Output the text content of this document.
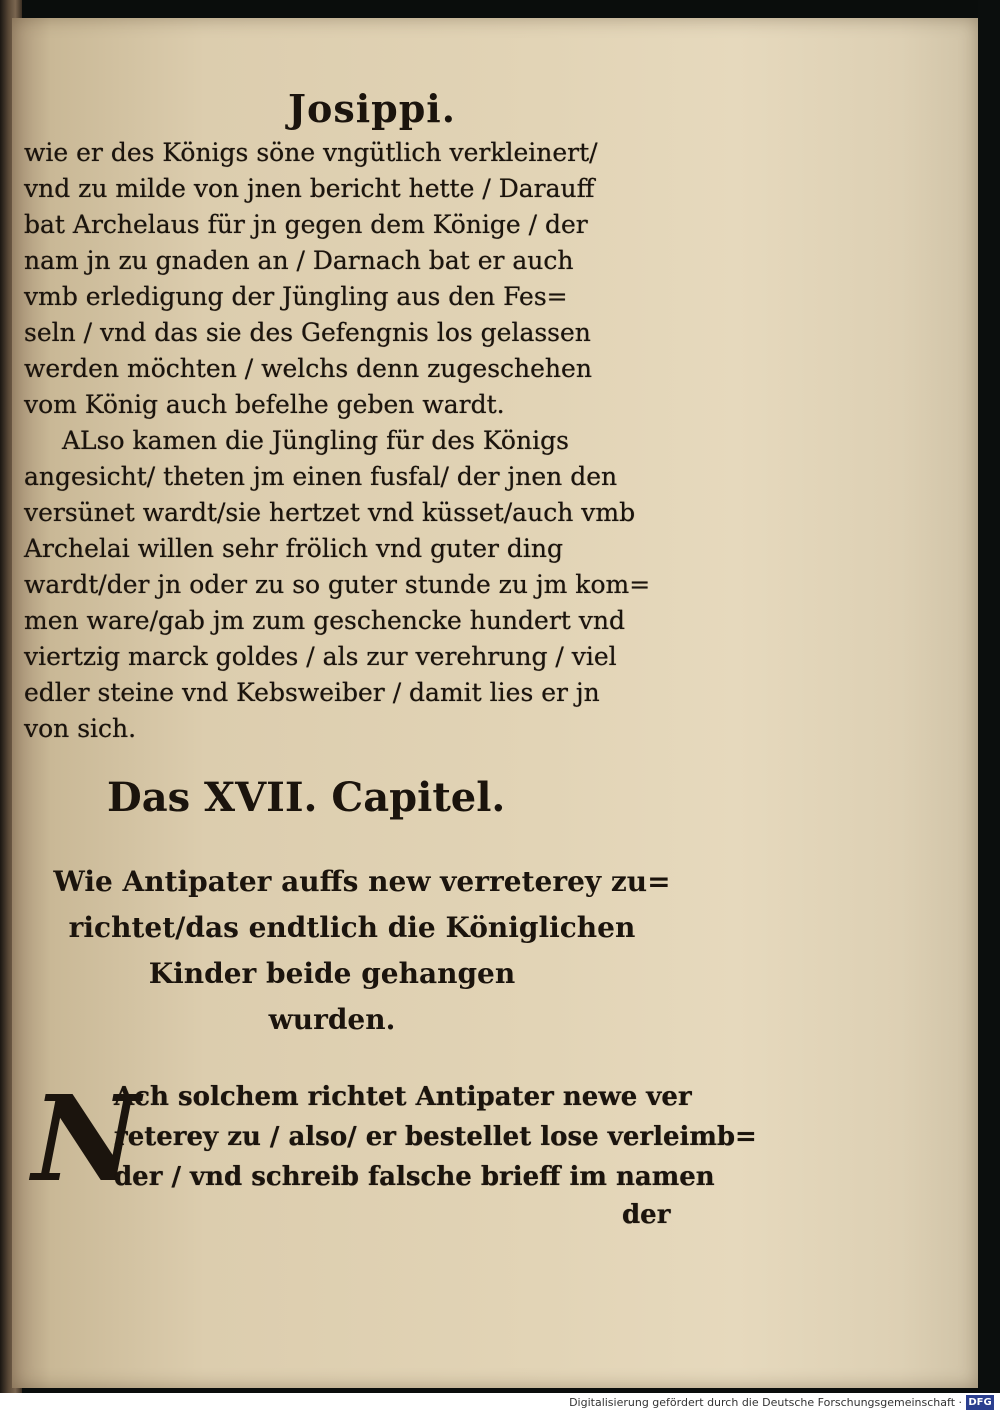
Josippi.
wie er des Königs söne vngütlich verkleinert/
vnd zu milde von jnen bericht hette / Darauff
bat Archelaus für jn gegen dem Könige / der
nam jn zu gnaden an / Darnach bat er auch
vmb erledigung der Jüngling aus den Fes=
seln / vnd das sie des Gefengnis los gelassen
werden möchten / welchs denn zugeschehen
vom König auch befelhe geben wardt.
ALso kamen die Jüngling für des Königs
angesicht/ theten jm einen fusfal/ der jnen den
versünet wardt/sie hertzet vnd küsset/auch vmb
Archelai willen sehr frölich vnd guter ding
wardt/der jn oder zu so guter stunde zu jm kom=
men ware/gab jm zum geschencke hundert vnd
viertzig marck goldes / als zur verehrung / viel
edler steine vnd Kebsweiber / damit lies er jn
von sich.
Das XVII. Capitel.
Wie Antipater auffs new verreterey zu=
richtet/das endtlich die Königlichen
Kinder beide gehangen
wurden.
N
Ach solchem richtet Antipater newe ver
reterey zu / also/ er bestellet lose verleimb=
der / vnd schreib falsche brieff im namen
der
Digitalisierung gefördert durch die Deutsche Forschungsgemeinschaft · DFG
